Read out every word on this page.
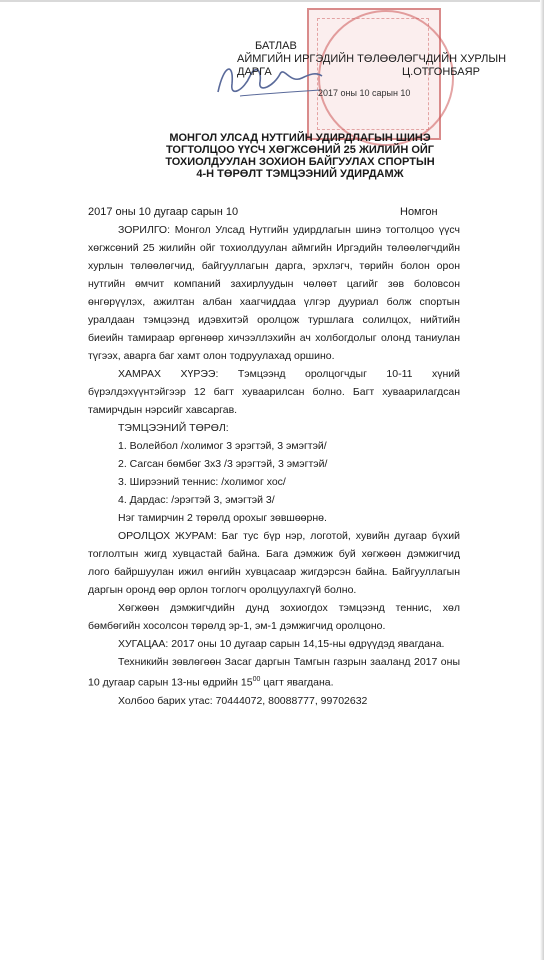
БАТЛАВ
АЙМГИЙН ИРГЭДИЙН ТӨЛӨӨЛӨГЧДИЙН ХУРЛЫН
ДАРГА	Ц.ОТГОНБАЯР
2017 оны 10 сарын 10
МОНГОЛ УЛСАД НУТГИЙН УДИРДЛАГЫН ШИНЭ
ТОГТОЛЦОО ҮҮСЧ ХӨГЖСӨНИЙ 25 ЖИЛИЙН ОЙГ
ТОХИОЛДУУЛАН ЗОХИОН БАЙГУУЛАХ СПОРТЫН
4-Н ТӨРӨЛТ ТЭМЦЭЭНИЙ УДИРДАМЖ
2017 оны 10 дугаар сарын 10	Номгон

ЗОРИЛГО: Монгол Улсад Нутгийн удирдлагын шинэ тогтолцоо үүсч хөгжсөний 25 жилийн ойг тохиолдуулан аймгийн Иргэдийн төлөөлөгчдийн хурлын төлөөлөгчид, байгууллагын дарга, эрхлэгч, төрийн болон орон нутгийн өмчит компаний захирлуудын чөлөөт цагийг зөв боловсон өнгөрүүлэх, ажилтан албан хаагчиддаа үлгэр дууриал болж спортын уралдаан тэмцээнд идэвхитэй оролцож туршлага солилцох, нийтийн биеийн тамираар өргөнөөр хичээллэхийн ач холбогдолыг олонд таниулан түгээх, аварга баг хамт олон тодруулахад оршино.

ХАМРАХ ХҮРЭЭ: Тэмцээнд оролцогчдыг 10-11 хүний бүрэлдэхүүнтэйгээр 12 багт хуваарилсан болно. Багт хуваарилагдсан тамирчдын нэрсийг хавсаргав.

ТЭМЦЭЭНИЙ ТӨРӨЛ:

1. Волейбол /холимог 3 эрэгтэй, 3 эмэгтэй/

2. Сагсан бөмбөг 3x3 /3 эрэгтэй, 3 эмэгтэй/

3. Ширээний теннис: /холимог хос/

4. Дардас: /эрэгтэй 3, эмэгтэй 3/

Нэг тамирчин 2 төрөлд орохыг зөвшөөрнө.

ОРОЛЦОХ ЖУРАМ: Баг тус бүр нэр, логотой, хувийн дугаар бүхий тоглолтын жигд хувцастай байна. Бага дэмжиж буй хөгжөөн дэмжигчид лого байршуулан ижил өнгийн хувцасаар жигдэрсэн байна. Байгууллагын даргын оронд өөр орлон тоглогч оролцуулахгүй болно.

Хөгжөөн дэмжигчдийн дунд зохиогдох тэмцээнд теннис, хөл бөмбөгийн хосолсон төрөлд эр-1, эм-1 дэмжигчид оролцоно.

ХУГАЦАА: 2017 оны 10 дугаар сарын 14,15-ны өдрүүдэд явагдана.

Техникийн зөвлөгөөн Засаг даргын Тамгын газрын зааланд 2017 оны 10 дугаар сарын 13-ны өдрийн $15^{00}$ цагт явагдана.

Холбоо барих утас: 70444072, 80088777, 99702632
